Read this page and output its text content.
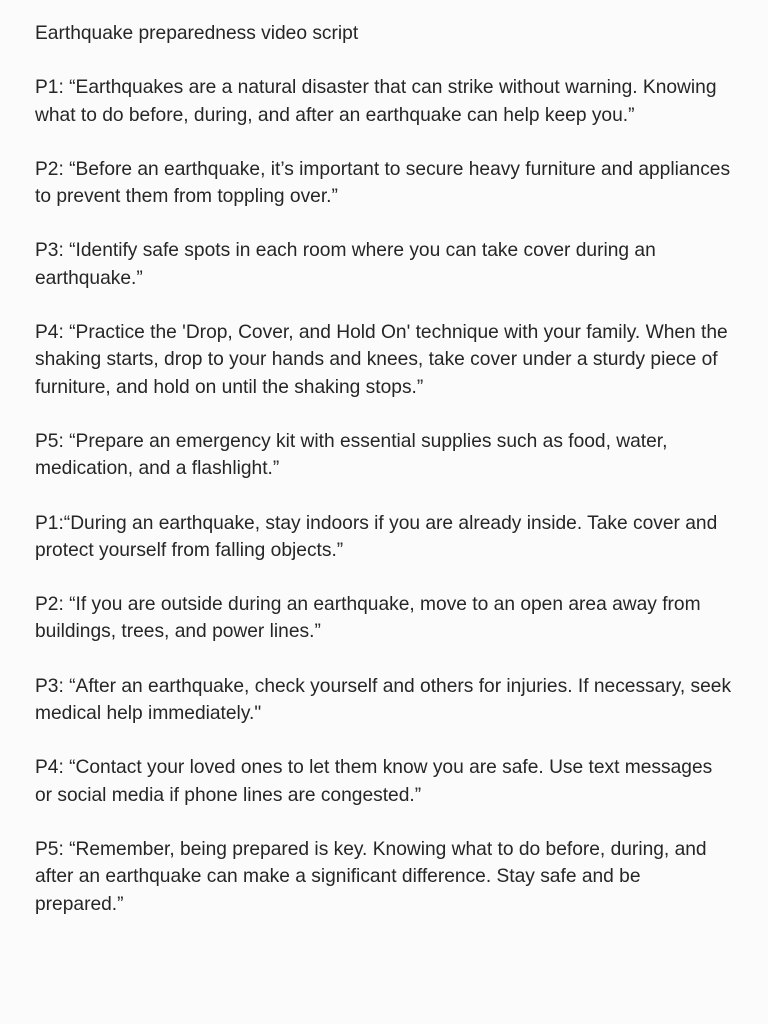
Earthquake preparedness video script

P1: “Earthquakes are a natural disaster that can strike without warning. Knowing what to do before, during, and after an earthquake can help keep you.”

P2: “Before an earthquake, it’s important to secure heavy furniture and appliances to prevent them from toppling over.”

P3: “Identify safe spots in each room where you can take cover during an earthquake.”

P4: “Practice the 'Drop, Cover, and Hold On' technique with your family. When the shaking starts, drop to your hands and knees, take cover under a sturdy piece of furniture, and hold on until the shaking stops.”

P5: “Prepare an emergency kit with essential supplies such as food, water, medication, and a flashlight.”

P1:“During an earthquake, stay indoors if you are already inside. Take cover and protect yourself from falling objects.”

P2: “If you are outside during an earthquake, move to an open area away from buildings, trees, and power lines.”

P3: “After an earthquake, check yourself and others for injuries. If necessary, seek medical help immediately."

P4: “Contact your loved ones to let them know you are safe. Use text messages or social media if phone lines are congested.”

P5: “Remember, being prepared is key. Knowing what to do before, during, and after an earthquake can make a significant difference. Stay safe and be prepared.”
